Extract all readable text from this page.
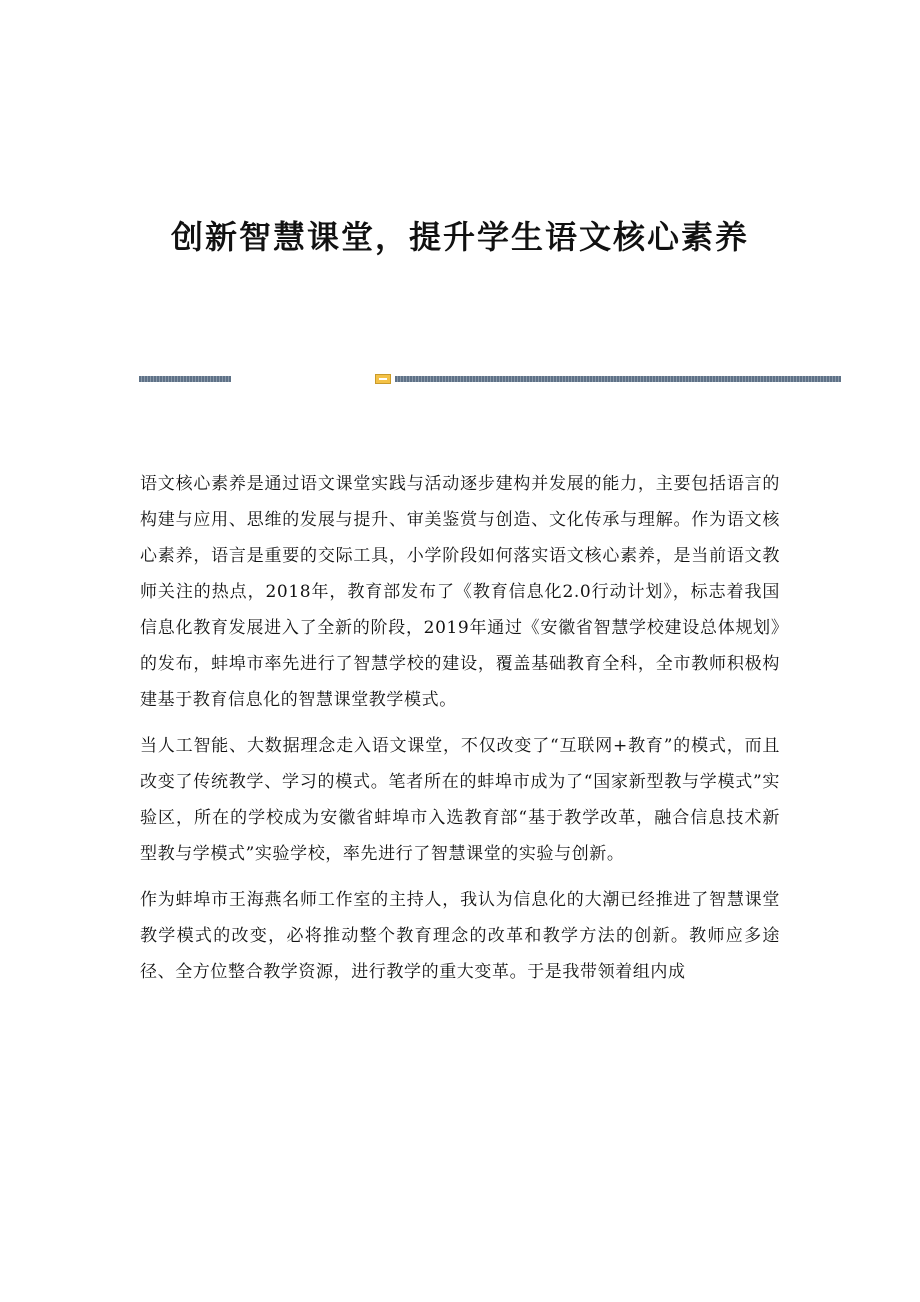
创新智慧课堂，提升学生语文核心素养

语文核心素养是通过语文课堂实践与活动逐步建构并发展的能力，主要包括语言的构建与应用、思维的发展与提升、审美鉴赏与创造、文化传承与理解。作为语文核心素养，语言是重要的交际工具，小学阶段如何落实语文核心素养，是当前语文教师关注的热点，2018年，教育部发布了《教育信息化2.0行动计划》，标志着我国信息化教育发展进入了全新的阶段，2019年通过《安徽省智慧学校建设总体规划》的发布，蚌埠市率先进行了智慧学校的建设，覆盖基础教育全科，全市教师积极构建基于教育信息化的智慧课堂教学模式。

当人工智能、大数据理念走入语文课堂，不仅改变了“互联网+教育”的模式，而且改变了传统教学、学习的模式。笔者所在的蚌埠市成为了“国家新型教与学模式”实验区，所在的学校成为安徽省蚌埠市入选教育部“基于教学改革，融合信息技术新型教与学模式”实验学校，率先进行了智慧课堂的实验与创新。

作为蚌埠市王海燕名师工作室的主持人，我认为信息化的大潮已经推进了智慧课堂教学模式的改变，必将推动整个教育理念的改革和教学方法的创新。教师应多途径、全方位整合教学资源，进行教学的重大变革。于是我带领着组内成
